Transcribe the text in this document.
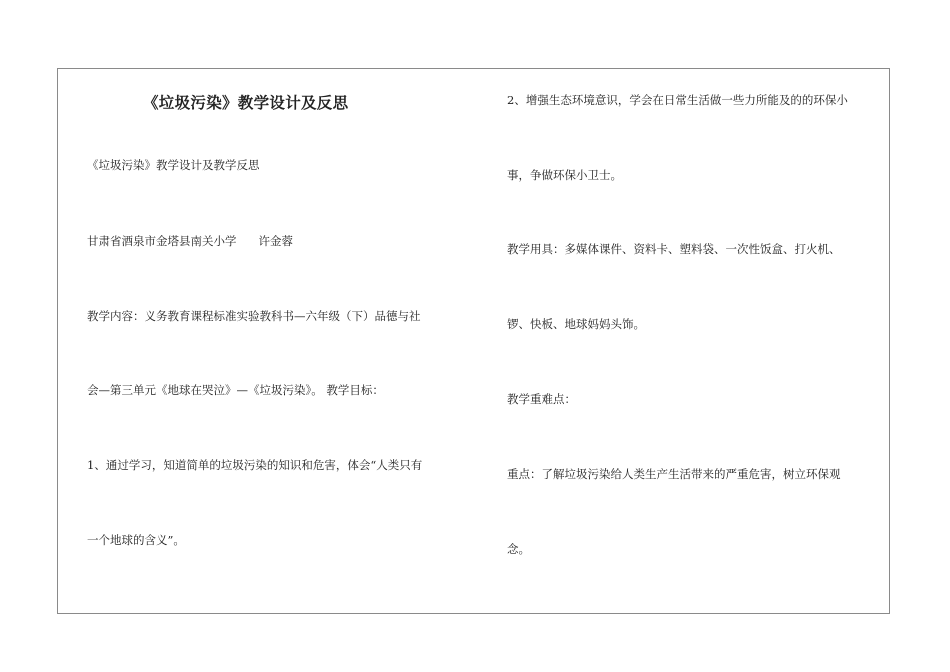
《垃圾污染》教学设计及反思
《垃圾污染》教学设计及教学反思
甘肃省酒泉市金塔县南关小学 许金蓉
教学内容：义务教育课程标准实验教科书—六年级（下）品德与社
会—第三单元《地球在哭泣》—《垃圾污染》。 教学目标：
1、通过学习，知道简单的垃圾污染的知识和危害，体会“人类只有
一个地球的含义”。
2、增强生态环境意识，学会在日常生活做一些力所能及的的环保小
事，争做环保小卫士。
教学用具：多媒体课件、资料卡、塑料袋、一次性饭盒、打火机、
锣、快板、地球妈妈头饰。
教学重难点：
重点：了解垃圾污染给人类生产生活带来的严重危害，树立环保观
念。
